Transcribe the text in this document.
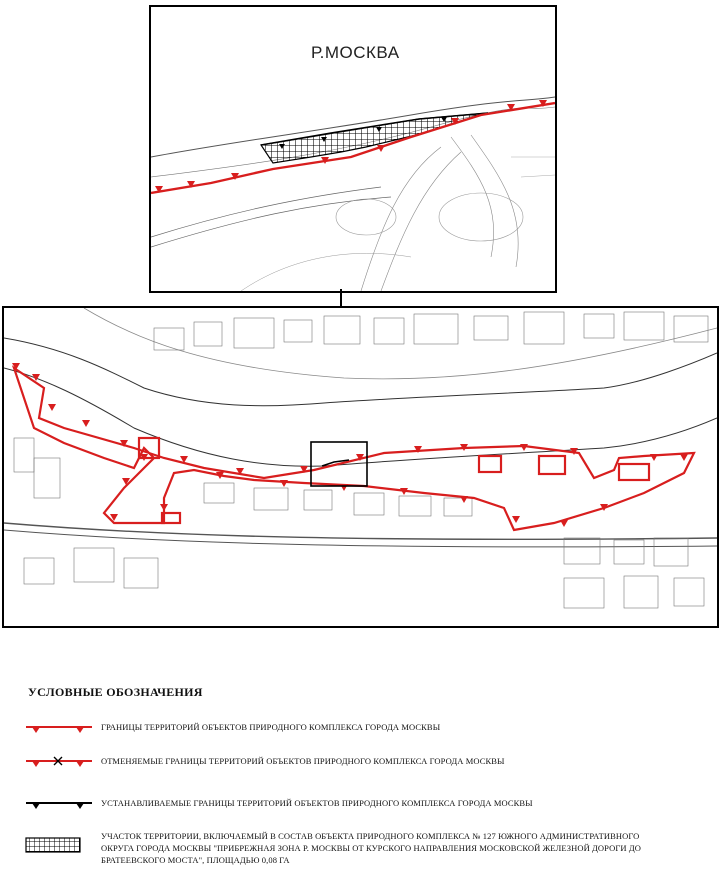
Р.МОСКВА
УСЛОВНЫЕ ОБОЗНАЧЕНИЯ
ГРАНИЦЫ ТЕРРИТОРИЙ ОБЪЕКТОВ ПРИРОДНОГО КОМПЛЕКСА ГОРОДА МОСКВЫ
ОТМЕНЯЕМЫЕ ГРАНИЦЫ ТЕРРИТОРИЙ ОБЪЕКТОВ ПРИРОДНОГО КОМПЛЕКСА ГОРОДА МОСКВЫ
УСТАНАВЛИВАЕМЫЕ ГРАНИЦЫ ТЕРРИТОРИЙ ОБЪЕКТОВ ПРИРОДНОГО КОМПЛЕКСА ГОРОДА МОСКВЫ
УЧАСТОК ТЕРРИТОРИИ, ВКЛЮЧАЕМЫЙ В СОСТАВ ОБЪЕКТА ПРИРОДНОГО КОМПЛЕКСА № 127 ЮЖНОГО АДМИНИСТРАТИВНОГО ОКРУГА ГОРОДА МОСКВЫ "ПРИБРЕЖНАЯ ЗОНА Р. МОСКВЫ ОТ КУРСКОГО НАПРАВЛЕНИЯ МОСКОВСКОЙ ЖЕЛЕЗНОЙ ДОРОГИ ДО БРАТЕЕВСКОГО МОСТА", ПЛОЩАДЬЮ 0,08 ГА
